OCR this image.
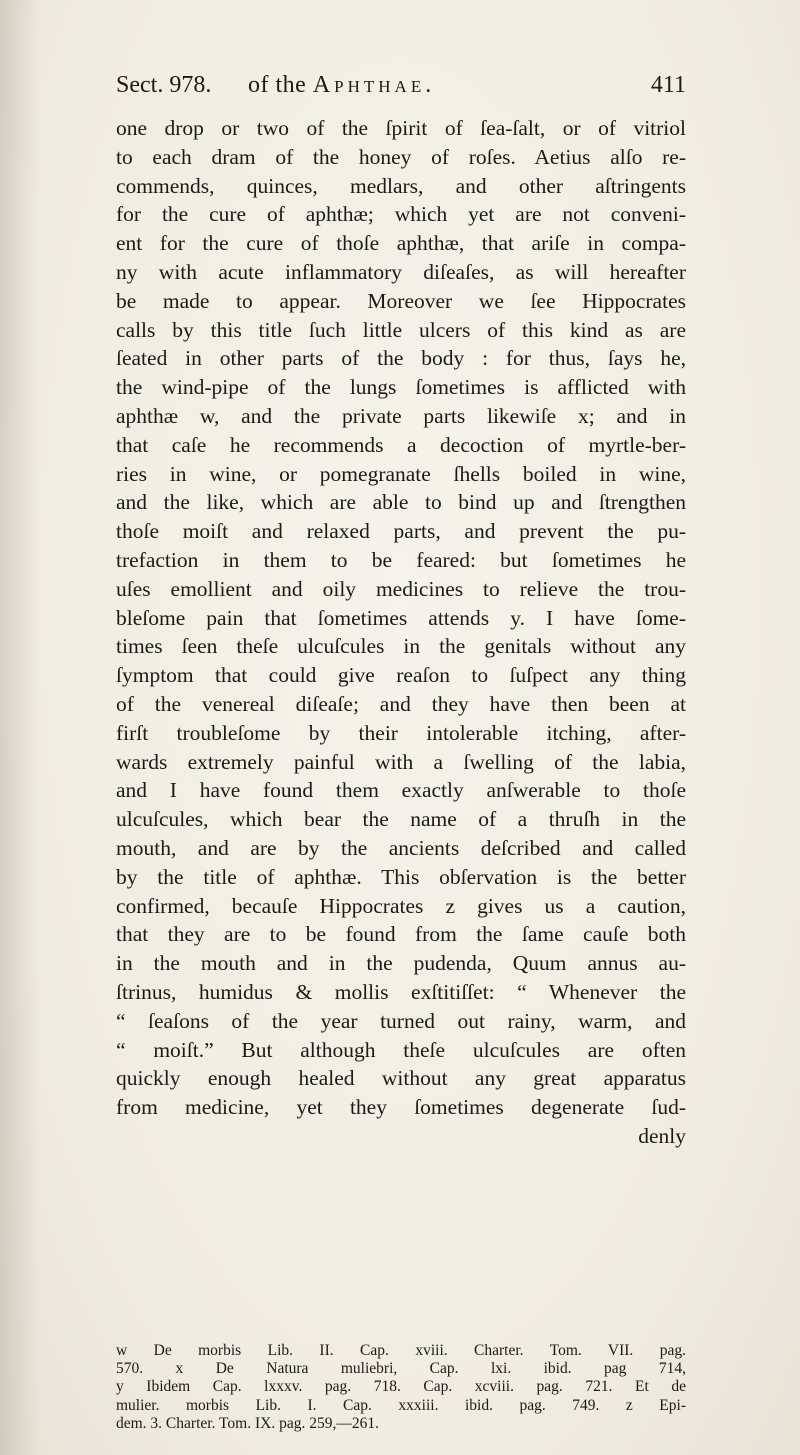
Sect. 978. of the Aphthae.	411
one drop or two of the ſpirit of ſea-ſalt, or of vitriol
to each dram of the honey of roſes. Aetius alſo re-
commends, quinces, medlars, and other aſtringents
for the cure of aphthæ; which yet are not conveni-
ent for the cure of thoſe aphthæ, that ariſe in compa-
ny with acute inflammatory diſeaſes, as will hereafter
be made to appear. Moreover we ſee Hippocrates
calls by this title ſuch little ulcers of this kind as are
ſeated in other parts of the body : for thus, ſays he,
the wind-pipe of the lungs ſometimes is afflicted with
aphthæ w, and the private parts likewiſe x; and in
that caſe he recommends a decoction of myrtle-ber-
ries in wine, or pomegranate ſhells boiled in wine,
and the like, which are able to bind up and ſtrengthen
thoſe moiſt and relaxed parts, and prevent the pu-
trefaction in them to be feared: but ſometimes he
uſes emollient and oily medicines to relieve the trou-
bleſome pain that ſometimes attends y. I have ſome-
times ſeen theſe ulcuſcules in the genitals without any
ſymptom that could give reaſon to ſuſpect any thing
of the venereal diſeaſe; and they have then been at
firſt troubleſome by their intolerable itching, after-
wards extremely painful with a ſwelling of the labia,
and I have found them exactly anſwerable to thoſe
ulcuſcules, which bear the name of a thruſh in the
mouth, and are by the ancients deſcribed and called
by the title of aphthæ. This obſervation is the better
confirmed, becauſe Hippocrates z gives us a caution,
that they are to be found from the ſame cauſe both
in the mouth and in the pudenda, Quum annus au-
ſtrinus, humidus & mollis exſtitiſſet: “ Whenever the
“ ſeaſons of the year turned out rainy, warm, and
“ moiſt.” But although theſe ulcuſcules are often
quickly enough healed without any great apparatus
from medicine, yet they ſometimes degenerate ſud-
denly
w De morbis Lib. II. Cap. xviii. Charter. Tom. VII. pag.
570. x De Natura muliebri, Cap. lxi. ibid. pag 714,
y Ibidem Cap. lxxxv. pag. 718. Cap. xcviii. pag. 721. Et de
mulier. morbis Lib. I. Cap. xxxiii. ibid. pag. 749. z Epi-
dem. 3. Charter. Tom. IX. pag. 259,—261.
